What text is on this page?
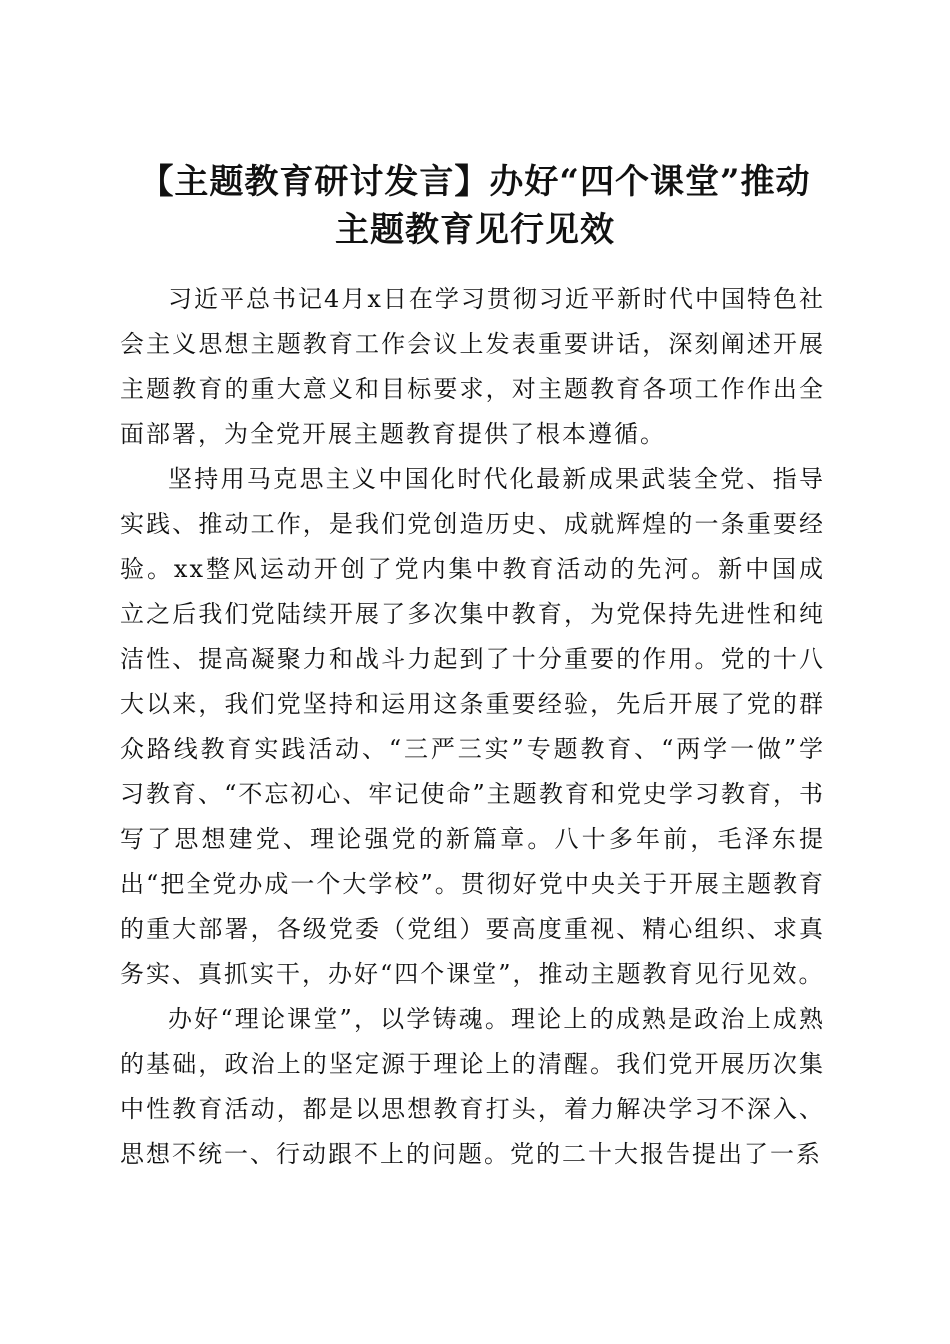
【主题教育研讨发言】办好“四个课堂”推动
主题教育见行见效

习近平总书记4月x日在学习贯彻习近平新时代中国特色社会主义思想主题教育工作会议上发表重要讲话，深刻阐述开展主题教育的重大意义和目标要求，对主题教育各项工作作出全面部署，为全党开展主题教育提供了根本遵循。

坚持用马克思主义中国化时代化最新成果武装全党、指导实践、推动工作，是我们党创造历史、成就辉煌的一条重要经验。xx整风运动开创了党内集中教育活动的先河。新中国成立之后我们党陆续开展了多次集中教育，为党保持先进性和纯洁性、提高凝聚力和战斗力起到了十分重要的作用。党的十八大以来，我们党坚持和运用这条重要经验，先后开展了党的群众路线教育实践活动、“三严三实”专题教育、“两学一做”学习教育、“不忘初心、牢记使命”主题教育和党史学习教育，书写了思想建党、理论强党的新篇章。八十多年前，毛泽东提出“把全党办成一个大学校”。贯彻好党中央关于开展主题教育的重大部署，各级党委（党组）要高度重视、精心组织、求真务实、真抓实干，办好“四个课堂”，推动主题教育见行见效。

办好“理论课堂”，以学铸魂。理论上的成熟是政治上成熟的基础，政治上的坚定源于理论上的清醒。我们党开展历次集中性教育活动，都是以思想教育打头，着力解决学习不深入、思想不统一、行动跟不上的问题。党的二十大报告提出了一系
